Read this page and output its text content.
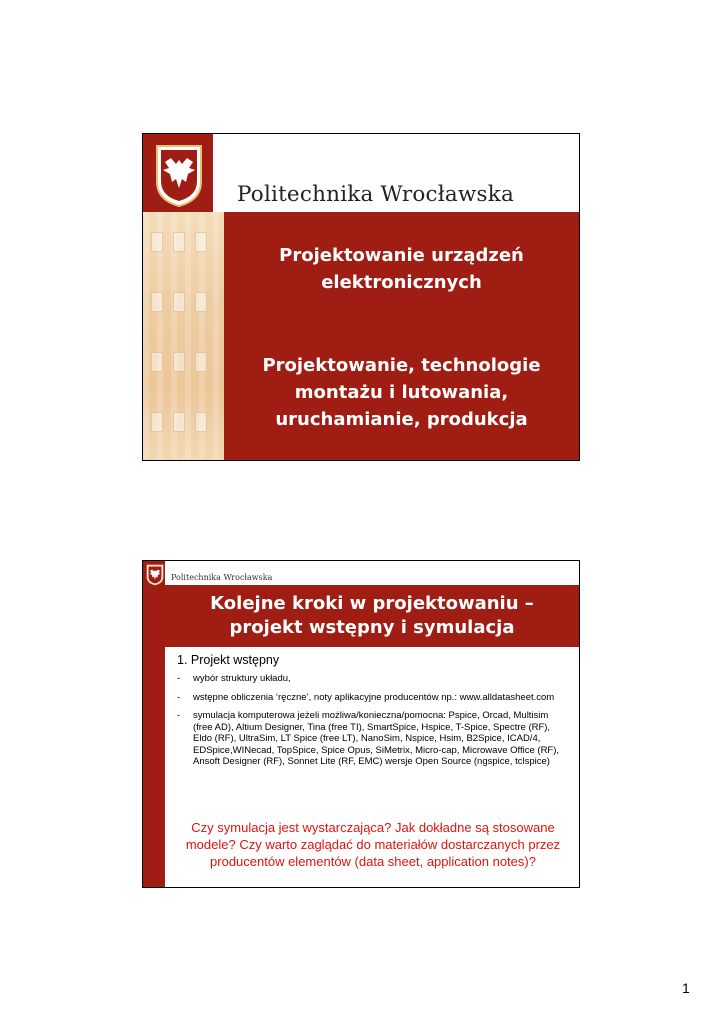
Politechnika Wrocławska
Projektowanie urządzeń
elektronicznych
Projektowanie, technologie
montażu i lutowania,
uruchamianie, produkcja
Politechnika Wrocławska
Kolejne kroki w projektowaniu –
projekt wstępny i symulacja
1. Projekt wstępny
- wybór struktury układu,
- wstępne obliczenia ‘ręczne’, noty aplikacyjne producentów np.: www.alldatasheet.com
- symulacja komputerowa jeżeli możliwa/konieczna/pomocna: Pspice, Orcad, Multisim (free AD), Altium Designer, Tina (free TI), SmartSpice, Hspice, T-Spice, Spectre (RF), Eldo (RF), UltraSim, LT Spice (free LT), NanoSim, Nspice, Hsim, B2Spice, ICAD/4, EDSpice,WINecad, TopSpice, Spice Opus, SiMetrix, Micro-cap, Microwave Office (RF), Ansoft Designer (RF), Sonnet Lite (RF, EMC) wersje Open Source (ngspice, tclspice)
Czy symulacja jest wystarczająca? Jak dokładne są stosowane modele? Czy warto zaglądać do materiałów dostarczanych przez producentów elementów (data sheet, application notes)?
1
